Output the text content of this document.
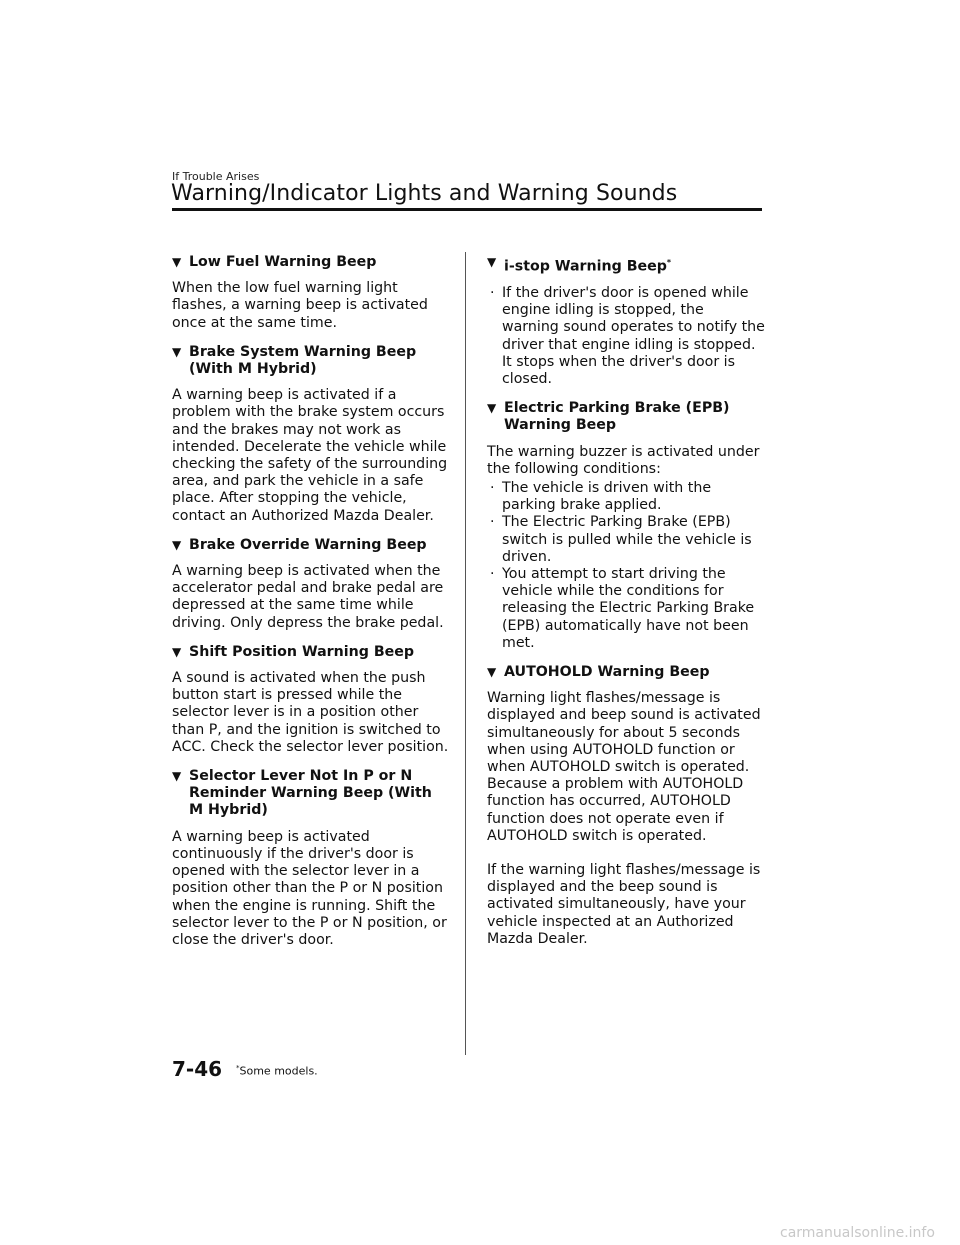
If Trouble Arises
Warning/Indicator Lights and Warning Sounds
▼ Low Fuel Warning Beep

When the low fuel warning light flashes, a warning beep is activated once at the same time.

▼ Brake System Warning Beep (With M Hybrid)

A warning beep is activated if a problem with the brake system occurs and the brakes may not work as intended. Decelerate the vehicle while checking the safety of the surrounding area, and park the vehicle in a safe place. After stopping the vehicle, contact an Authorized Mazda Dealer.

▼ Brake Override Warning Beep

A warning beep is activated when the accelerator pedal and brake pedal are depressed at the same time while driving. Only depress the brake pedal.

▼ Shift Position Warning Beep

A sound is activated when the push button start is pressed while the selector lever is in a position other than P, and the ignition is switched to ACC. Check the selector lever position.

▼ Selector Lever Not In P or N Reminder Warning Beep (With M Hybrid)

A warning beep is activated continuously if the driver's door is opened with the selector lever in a position other than the P or N position when the engine is running. Shift the selector lever to the P or N position, or close the driver's door.

▼ i-stop Warning Beep*

· If the driver's door is opened while engine idling is stopped, the warning sound operates to notify the driver that engine idling is stopped. It stops when the driver's door is closed.

▼ Electric Parking Brake (EPB) Warning Beep

The warning buzzer is activated under the following conditions:

· The vehicle is driven with the parking brake applied.

· The Electric Parking Brake (EPB) switch is pulled while the vehicle is driven.

· You attempt to start driving the vehicle while the conditions for releasing the Electric Parking Brake (EPB) automatically have not been met.

▼ AUTOHOLD Warning Beep

Warning light flashes/message is displayed and beep sound is activated simultaneously for about 5 seconds when using AUTOHOLD function or when AUTOHOLD switch is operated. Because a problem with AUTOHOLD function has occurred, AUTOHOLD function does not operate even if AUTOHOLD switch is operated.

If the warning light flashes/message is displayed and the beep sound is activated simultaneously, have your vehicle inspected at an Authorized Mazda Dealer.

7-46 *Some models.
carmanualsonline.info
